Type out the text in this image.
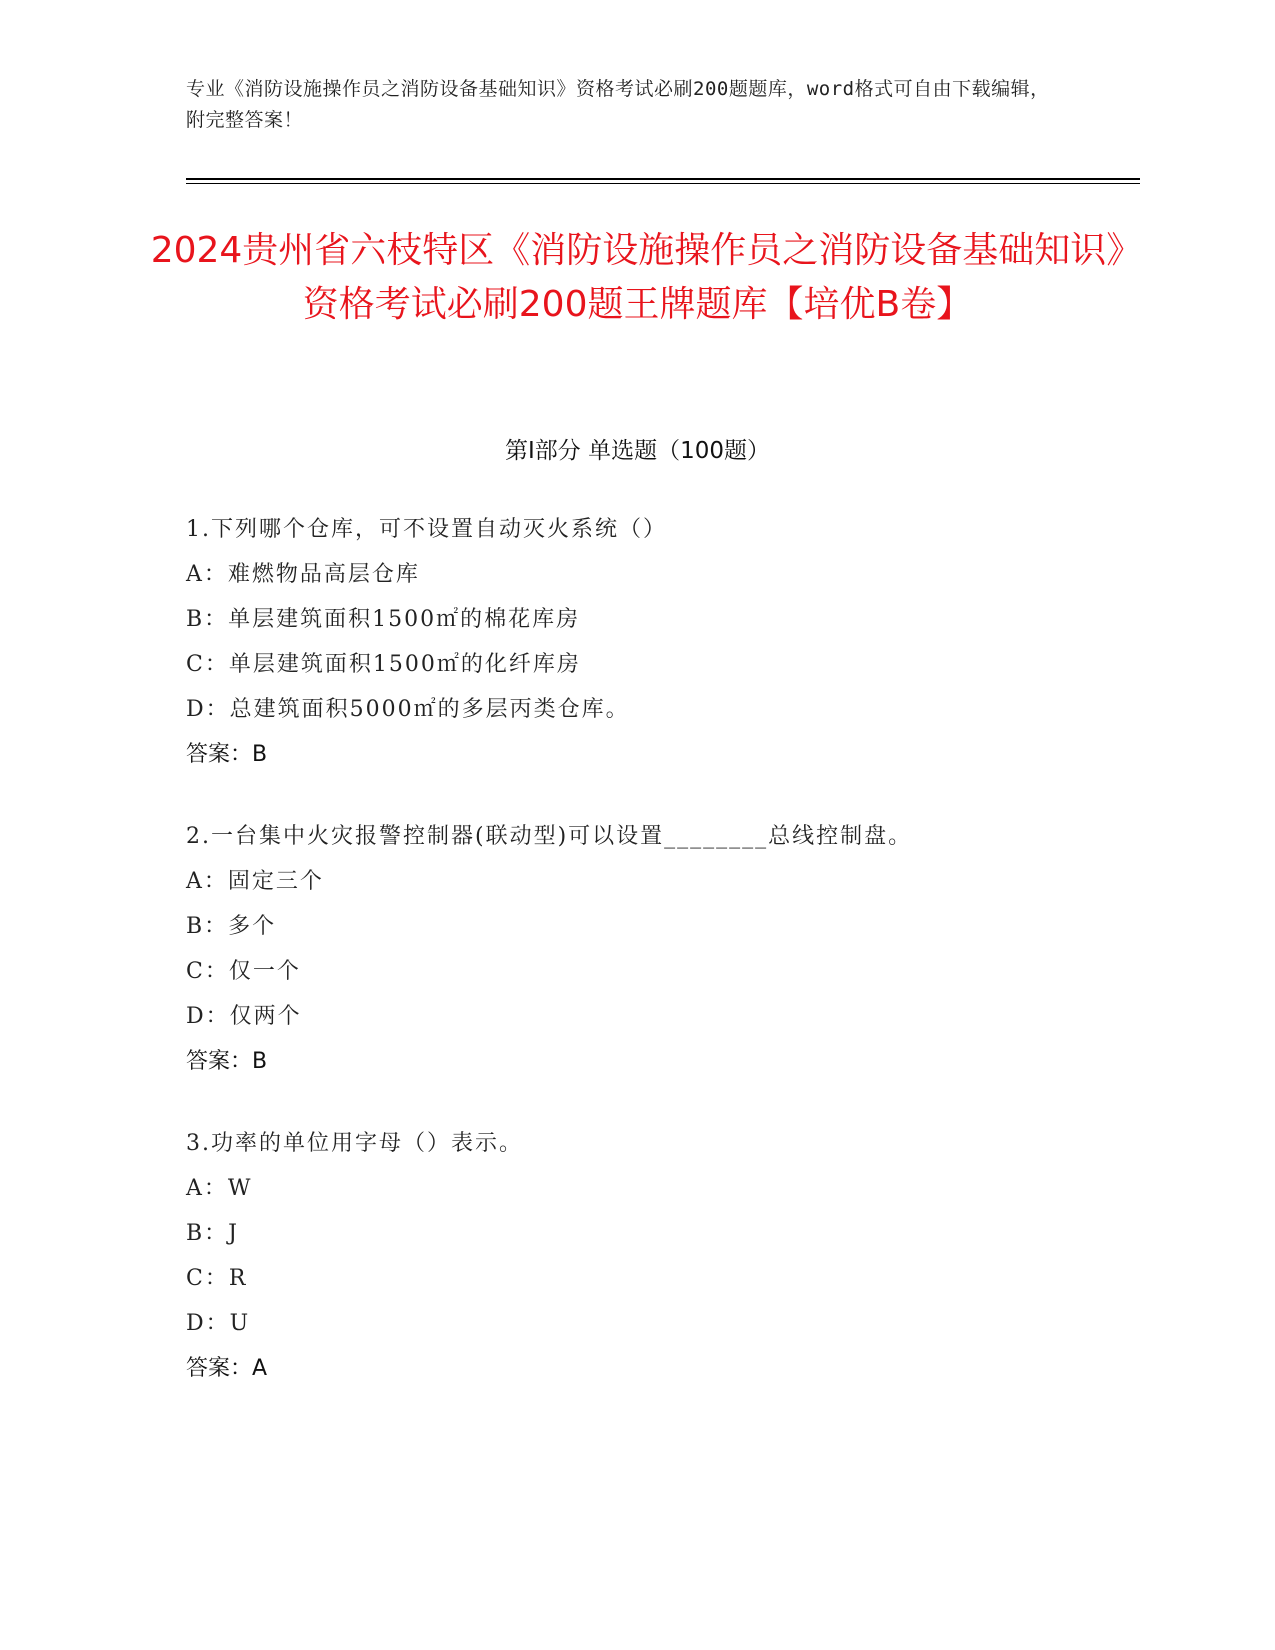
专业《消防设施操作员之消防设备基础知识》资格考试必刷200题题库，word格式可自由下载编辑，附完整答案！
2024贵州省六枝特区《消防设施操作员之消防设备基础知识》资格考试必刷200题王牌题库【培优B卷】
第Ⅰ部分 单选题（100题）
1.下列哪个仓库，可不设置自动灭火系统（）
A：难燃物品高层仓库
B：单层建筑面积1500㎡的棉花库房
C：单层建筑面积1500㎡的化纤库房
D：总建筑面积5000㎡的多层丙类仓库。
答案：B
2.一台集中火灾报警控制器(联动型)可以设置________总线控制盘。
A：固定三个
B：多个
C：仅一个
D：仅两个
答案：B
3.功率的单位用字母（）表示。
A：W
B：J
C：R
D：U
答案：A
